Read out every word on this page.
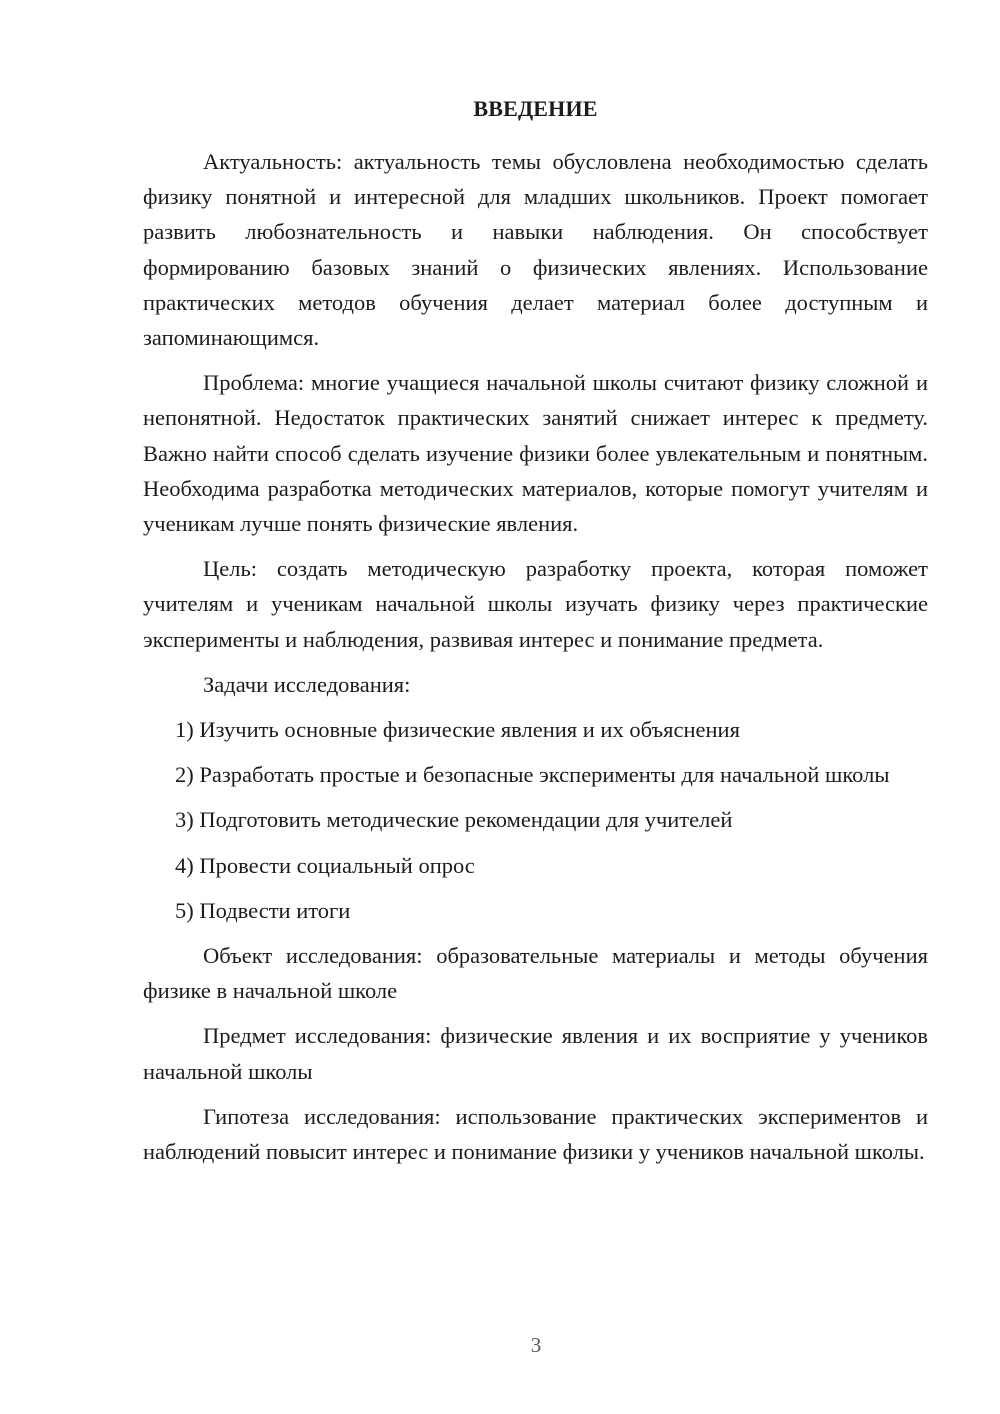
ВВЕДЕНИЕ

Актуальность: актуальность темы обусловлена необходимостью сделать физику понятной и интересной для младших школьников. Проект помогает развить любознательность и навыки наблюдения. Он способствует формированию базовых знаний о физических явлениях. Использование практических методов обучения делает материал более доступным и запоминающимся.

Проблема: многие учащиеся начальной школы считают физику сложной и непонятной. Недостаток практических занятий снижает интерес к предмету. Важно найти способ сделать изучение физики более увлекательным и понятным. Необходима разработка методических материалов, которые помогут учителям и ученикам лучше понять физические явления.

Цель: создать методическую разработку проекта, которая поможет учителям и ученикам начальной школы изучать физику через практические эксперименты и наблюдения, развивая интерес и понимание предмета.

Задачи исследования:

1) Изучить основные физические явления и их объяснения
2) Разработать простые и безопасные эксперименты для начальной школы
3) Подготовить методические рекомендации для учителей
4) Провести социальный опрос
5) Подвести итоги

Объект исследования: образовательные материалы и методы обучения физике в начальной школе

Предмет исследования: физические явления и их восприятие у учеников начальной школы

Гипотеза исследования: использование практических экспериментов и наблюдений повысит интерес и понимание физики у учеников начальной школы.

3
